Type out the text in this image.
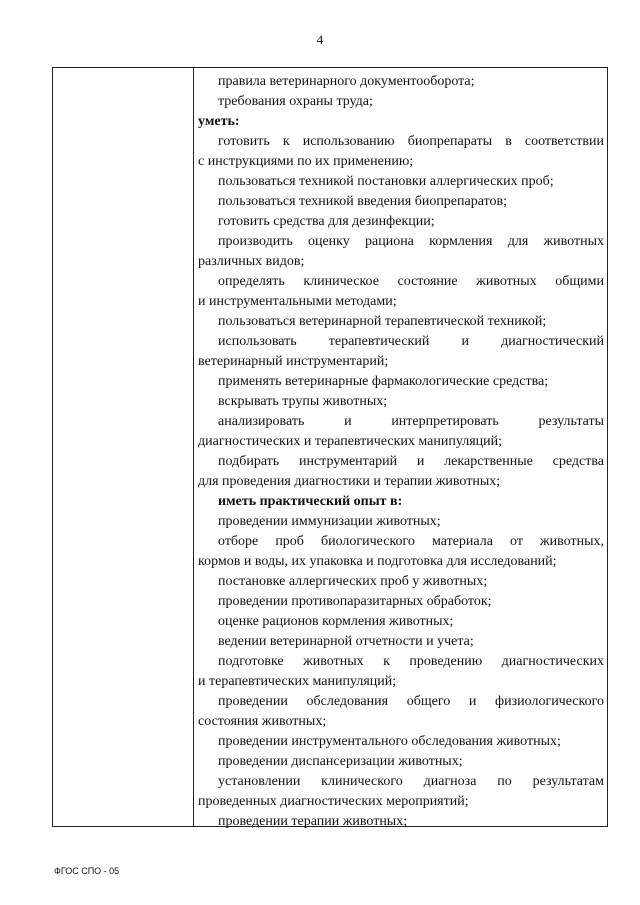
4
правила ветеринарного документооборота;
требования охраны труда;
уметь:
готовить к использованию биопрепараты в соответствии
с инструкциями по их применению;
пользоваться техникой постановки аллергических проб;
пользоваться техникой введения биопрепаратов;
готовить средства для дезинфекции;
производить оценку рациона кормления для животных
различных видов;
определять клиническое состояние животных общими
и инструментальными методами;
пользоваться ветеринарной терапевтической техникой;
использовать терапевтический и диагностический
ветеринарный инструментарий;
применять ветеринарные фармакологические средства;
вскрывать трупы животных;
анализировать и интерпретировать результаты
диагностических и терапевтических манипуляций;
подбирать инструментарий и лекарственные средства
для проведения диагностики и терапии животных;
иметь практический опыт в:
проведении иммунизации животных;
отборе проб биологического материала от животных,
кормов и воды, их упаковка и подготовка для исследований;
постановке аллергических проб у животных;
проведении противопаразитарных обработок;
оценке рационов кормления животных;
ведении ветеринарной отчетности и учета;
подготовке животных к проведению диагностических
и терапевтических манипуляций;
проведении обследования общего и физиологического
состояния животных;
проведении инструментального обследования животных;
проведении диспансеризации животных;
установлении клинического диагноза по результатам
проведенных диагностических мероприятий;
проведении терапии животных;
ФГОС СПО - 05
